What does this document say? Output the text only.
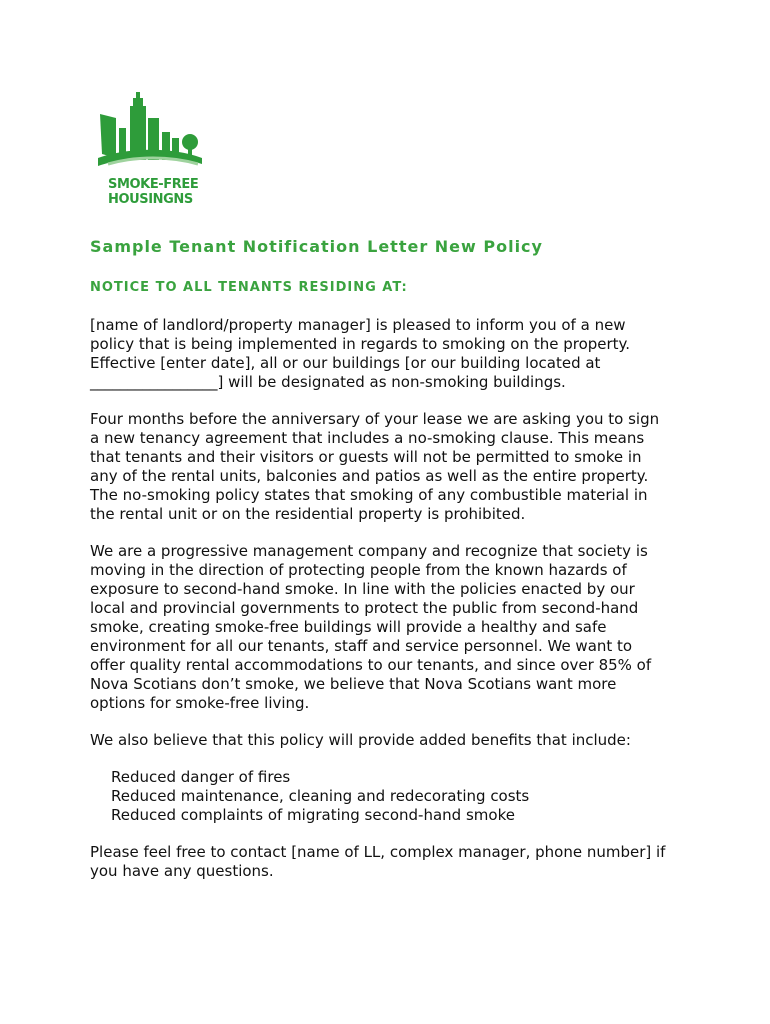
SMOKE-FREE
HOUSINGNS
Sample Tenant Notification Letter New Policy
NOTICE TO ALL TENANTS RESIDING AT:
[name of landlord/property manager] is pleased to inform you of a new
policy that is being implemented in regards to smoking on the property.
Effective [enter date], all or our buildings [or our building located at
_________________] will be designated as non-smoking buildings.
Four months before the anniversary of your lease we are asking you to sign
a new tenancy agreement that includes a no-smoking clause. This means
that tenants and their visitors or guests will not be permitted to smoke in
any of the rental units, balconies and patios as well as the entire property.
The no-smoking policy states that smoking of any combustible material in
the rental unit or on the residential property is prohibited.
We are a progressive management company and recognize that society is
moving in the direction of protecting people from the known hazards of
exposure to second-hand smoke. In line with the policies enacted by our
local and provincial governments to protect the public from second-hand
smoke, creating smoke-free buildings will provide a healthy and safe
environment for all our tenants, staff and service personnel. We want to
offer quality rental accommodations to our tenants, and since over 85% of
Nova Scotians don’t smoke, we believe that Nova Scotians want more
options for smoke-free living.
We also believe that this policy will provide added benefits that include:
Reduced danger of fires
Reduced maintenance, cleaning and redecorating costs
Reduced complaints of migrating second-hand smoke
Please feel free to contact [name of LL, complex manager, phone number] if
you have any questions.
